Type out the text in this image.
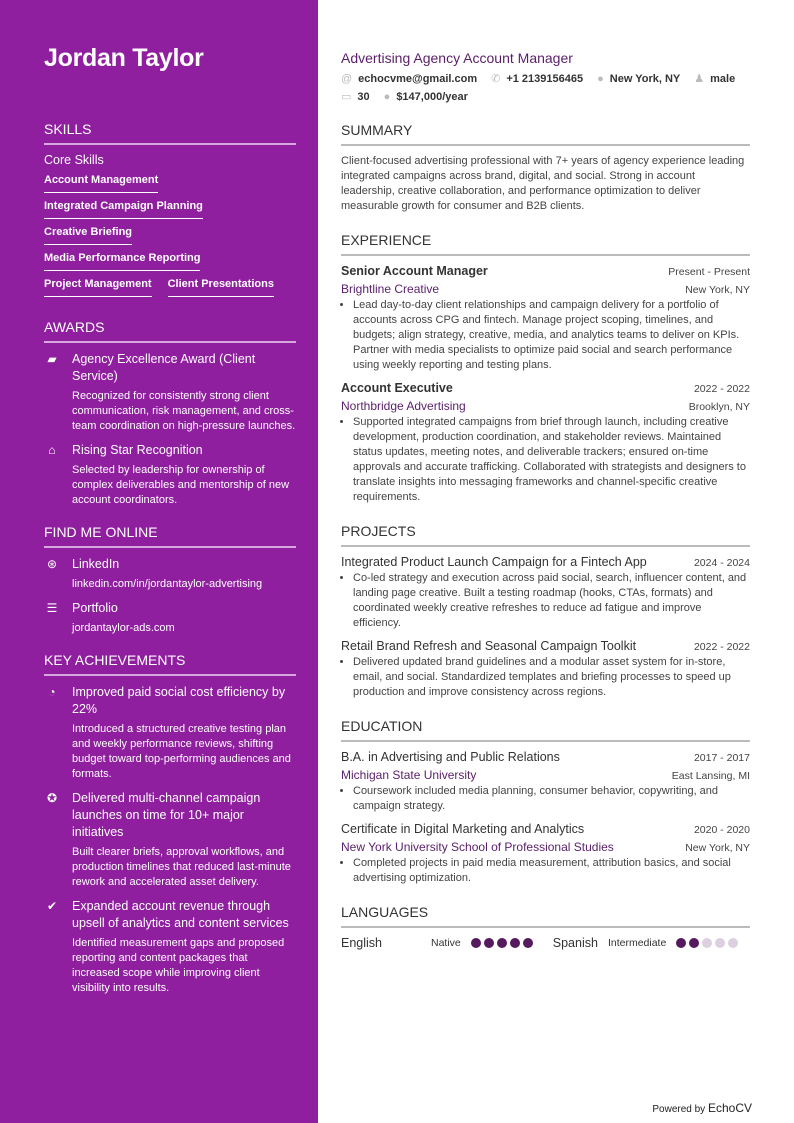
Jordan Taylor
SKILLS
Core Skills
Account Management
Integrated Campaign Planning
Creative Briefing
Media Performance Reporting
Project Management Client Presentations
AWARDS
▰ Agency Excellence Award (Client Service)
Recognized for consistently strong client communication, risk management, and cross-team coordination on high-pressure launches.
⌂	Rising Star Recognition
Selected by leadership for ownership of complex deliverables and mentorship of new account coordinators.
FIND ME ONLINE
⊛ LinkedIn
linkedin.com/in/jordantaylor-advertising
☰ Portfolio
jordantaylor-ads.com
KEY ACHIEVEMENTS
◔	Improved paid social cost efficiency by 22%
Introduced a structured creative testing plan and weekly performance reviews, shifting budget toward top-performing audiences and formats.
✪ Delivered multi-channel campaign launches on time for 10+ major initiatives
Built clearer briefs, approval workflows, and production timelines that reduced last-minute rework and accelerated asset delivery.
✔ Expanded account revenue through upsell of analytics and content services
Identified measurement gaps and proposed reporting and content packages that increased scope while improving client visibility into results.
Advertising Agency Account Manager
@ echocvme@gmail.com ✆ +1 2139156465 ● New York, NY ♟ male
▭ 30 ● $147,000/year
SUMMARY
Client-focused advertising professional with 7+ years of agency experience leading integrated campaigns across brand, digital, and social. Strong in account leadership, creative collaboration, and performance optimization to deliver measurable growth for consumer and B2B clients.
EXPERIENCE
Senior Account Manager	Present - Present
Brightline Creative	New York, NY
• Lead day-to-day client relationships and campaign delivery for a portfolio of accounts across CPG and fintech. Manage project scoping, timelines, and budgets; align strategy, creative, media, and analytics teams to deliver on KPIs. Partner with media specialists to optimize paid social and search performance using weekly reporting and testing plans.
Account Executive	2022 - 2022
Northbridge Advertising	Brooklyn, NY
• Supported integrated campaigns from brief through launch, including creative development, production coordination, and stakeholder reviews. Maintained status updates, meeting notes, and deliverable trackers; ensured on-time approvals and accurate trafficking. Collaborated with strategists and designers to translate insights into messaging frameworks and channel-specific creative requirements.
PROJECTS
Integrated Product Launch Campaign for a Fintech App	2024 - 2024
• Co-led strategy and execution across paid social, search, influencer content, and landing page creative. Built a testing roadmap (hooks, CTAs, formats) and coordinated weekly creative refreshes to reduce ad fatigue and improve efficiency.
Retail Brand Refresh and Seasonal Campaign Toolkit	2022 - 2022
• Delivered updated brand guidelines and a modular asset system for in-store, email, and social. Standardized templates and briefing processes to speed up production and improve consistency across regions.
EDUCATION
B.A. in Advertising and Public Relations	2017 - 2017
Michigan State University	East Lansing, MI
• Coursework included media planning, consumer behavior, copywriting, and campaign strategy.
Certificate in Digital Marketing and Analytics	2020 - 2020
New York University School of Professional Studies	New York, NY
• Completed projects in paid media measurement, attribution basics, and social advertising optimization.
LANGUAGES
English	Native	Spanish Intermediate
Powered by EchoCV
